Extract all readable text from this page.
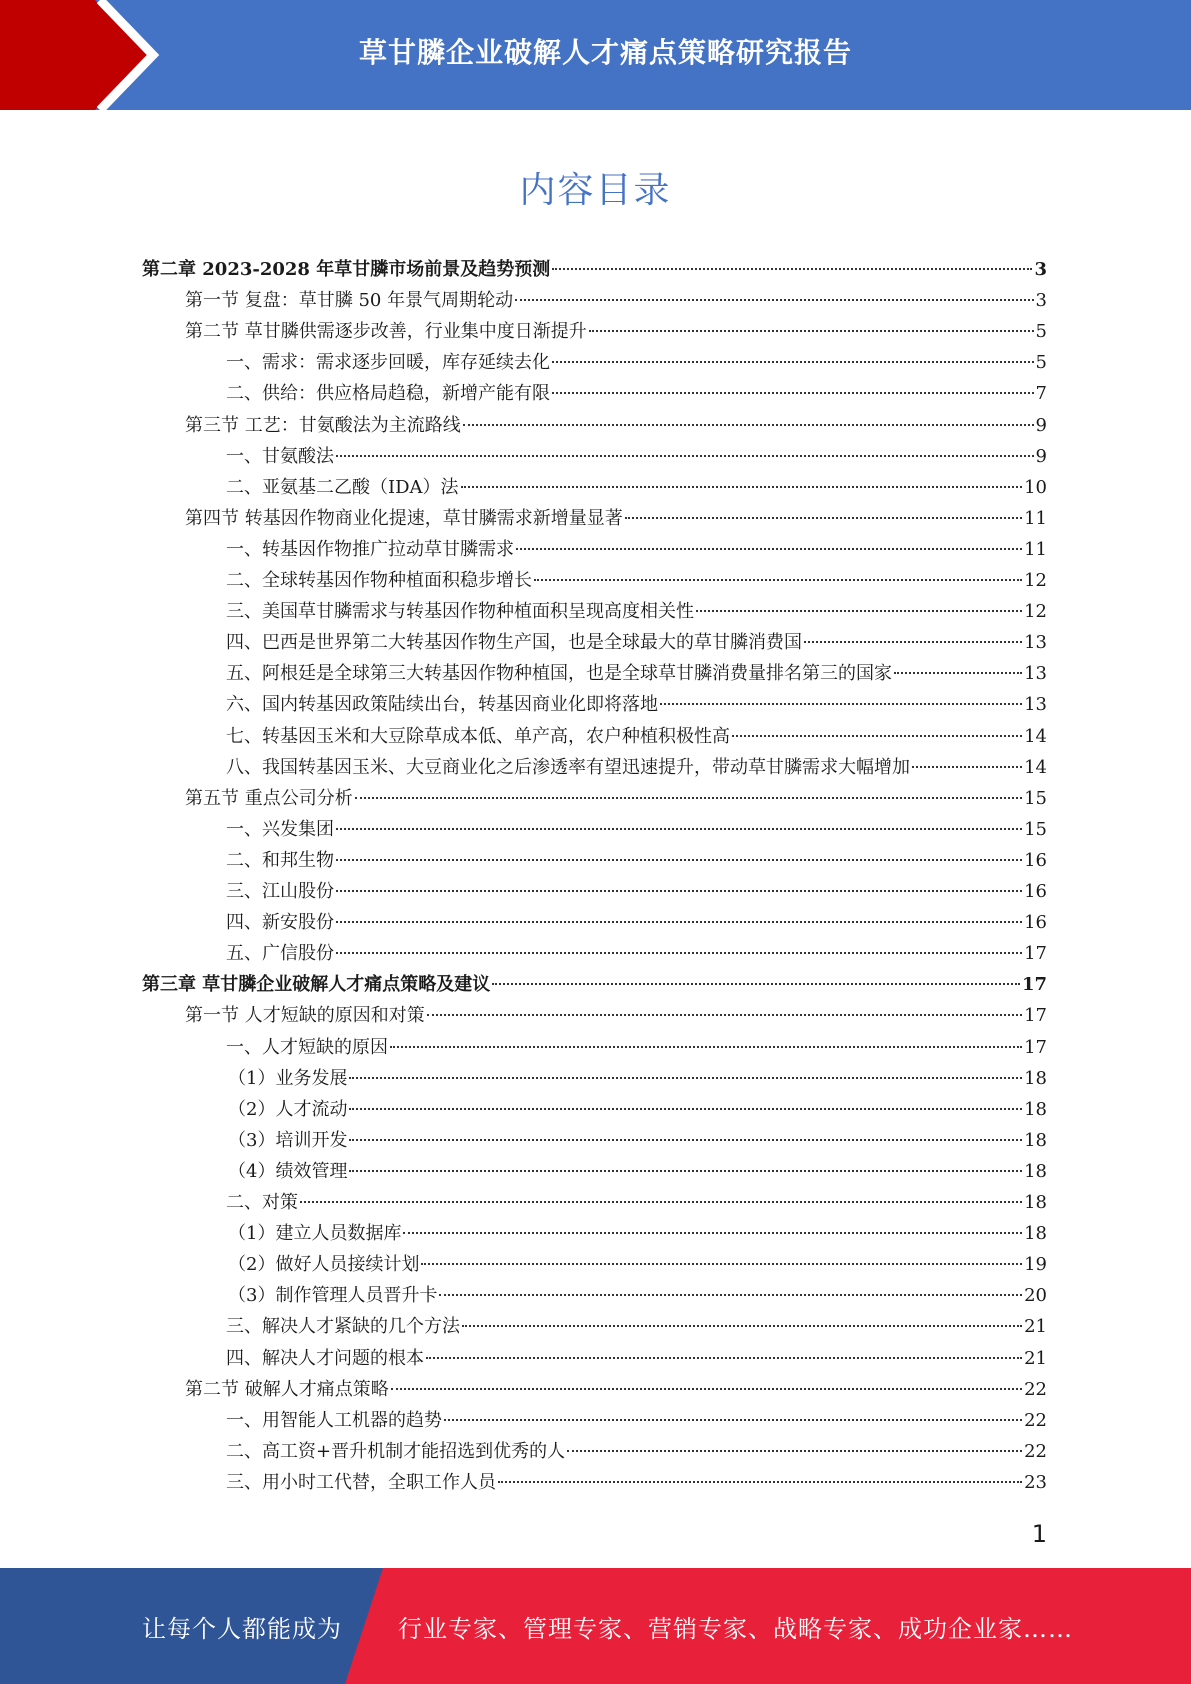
草甘膦企业破解人才痛点策略研究报告
内容目录
第二章 2023-2028 年草甘膦市场前景及趋势预测	3
第一节 复盘：草甘膦 50 年景气周期轮动	3
第二节 草甘膦供需逐步改善，行业集中度日渐提升	5
一、需求：需求逐步回暖，库存延续去化	5
二、供给：供应格局趋稳，新增产能有限	7
第三节 工艺：甘氨酸法为主流路线	9
一、甘氨酸法	9
二、亚氨基二乙酸（IDA）法	10
第四节 转基因作物商业化提速，草甘膦需求新增量显著	11
一、转基因作物推广拉动草甘膦需求	11
二、全球转基因作物种植面积稳步增长	12
三、美国草甘膦需求与转基因作物种植面积呈现高度相关性	12
四、巴西是世界第二大转基因作物生产国，也是全球最大的草甘膦消费国	13
五、阿根廷是全球第三大转基因作物种植国，也是全球草甘膦消费量排名第三的国家	13
六、国内转基因政策陆续出台，转基因商业化即将落地	13
七、转基因玉米和大豆除草成本低、单产高，农户种植积极性高	14
八、我国转基因玉米、大豆商业化之后渗透率有望迅速提升，带动草甘膦需求大幅增加	14
第五节 重点公司分析	15
一、兴发集团	15
二、和邦生物	16
三、江山股份	16
四、新安股份	16
五、广信股份	17
第三章 草甘膦企业破解人才痛点策略及建议	17
第一节 人才短缺的原因和对策	17
一、人才短缺的原因	17
（1）业务发展	18
（2）人才流动	18
（3）培训开发	18
（4）绩效管理	18
二、对策	18
（1）建立人员数据库	18
（2）做好人员接续计划	19
（3）制作管理人员晋升卡	20
三、解决人才紧缺的几个方法	21
四、解决人才问题的根本	21
第二节 破解人才痛点策略	22
一、用智能人工机器的趋势	22
二、高工资+晋升机制才能招选到优秀的人	22
三、用小时工代替，全职工作人员	23
1
让每个人都能成为 行业专家、管理专家、营销专家、战略专家、成功企业家……
